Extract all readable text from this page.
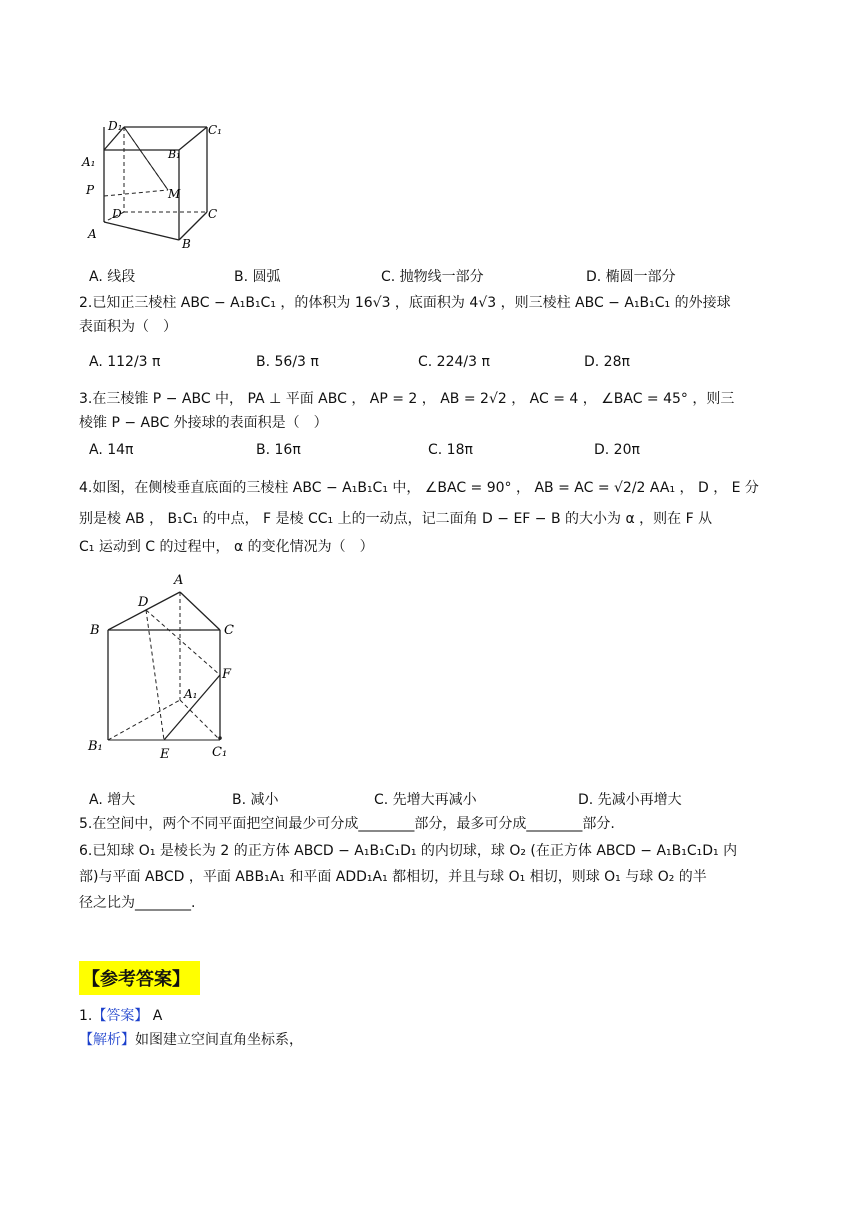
D₁	C₁
A₁
B₁
P	M
D	C
A
B
A. 线段	B. 圆弧	C. 抛物线一部分	D. 椭圆一部分
2.已知正三棱柱 ABC − A₁B₁C₁ ，的体积为 16√3 ，底面积为 4√3 ，则三棱柱 ABC − A₁B₁C₁ 的外接球
表面积为（　）
A. 112/3 π	B. 56/3 π	C. 224/3 π	D. 28π
3.在三棱锥 P − ABC 中， PA ⊥ 平面 ABC ， AP = 2 ， AB = 2√2 ， AC = 4 ， ∠BAC = 45° ，则三
棱锥 P − ABC 外接球的表面积是（　）
A. 14π	B. 16π	C. 18π	D. 20π
4.如图，在侧棱垂直底面的三棱柱 ABC − A₁B₁C₁ 中， ∠BAC = 90° ， AB = AC = √2/2 AA₁ ， D ， E 分
别是棱 AB ， B₁C₁ 的中点， F 是棱 CC₁ 上的一动点，记二面角 D − EF − B 的大小为 α ，则在 F 从
C₁ 运动到 C 的过程中， α 的变化情况为（　）
A
D
B	C
F
A₁
B₁
E	C₁
A. 增大	B. 减小	C. 先增大再减小	D. 先减小再增大
5.在空间中，两个不同平面把空间最少可分成________部分，最多可分成________部分.
6.已知球 O₁ 是棱长为 2 的正方体 ABCD − A₁B₁C₁D₁ 的内切球，球 O₂ (在正方体 ABCD − A₁B₁C₁D₁ 内
部)与平面 ABCD ，平面 ABB₁A₁ 和平面 ADD₁A₁ 都相切，并且与球 O₁ 相切，则球 O₁ 与球 O₂ 的半
径之比为________.
【参考答案】
1.【答案】 A
【解析】如图建立空间直角坐标系，
